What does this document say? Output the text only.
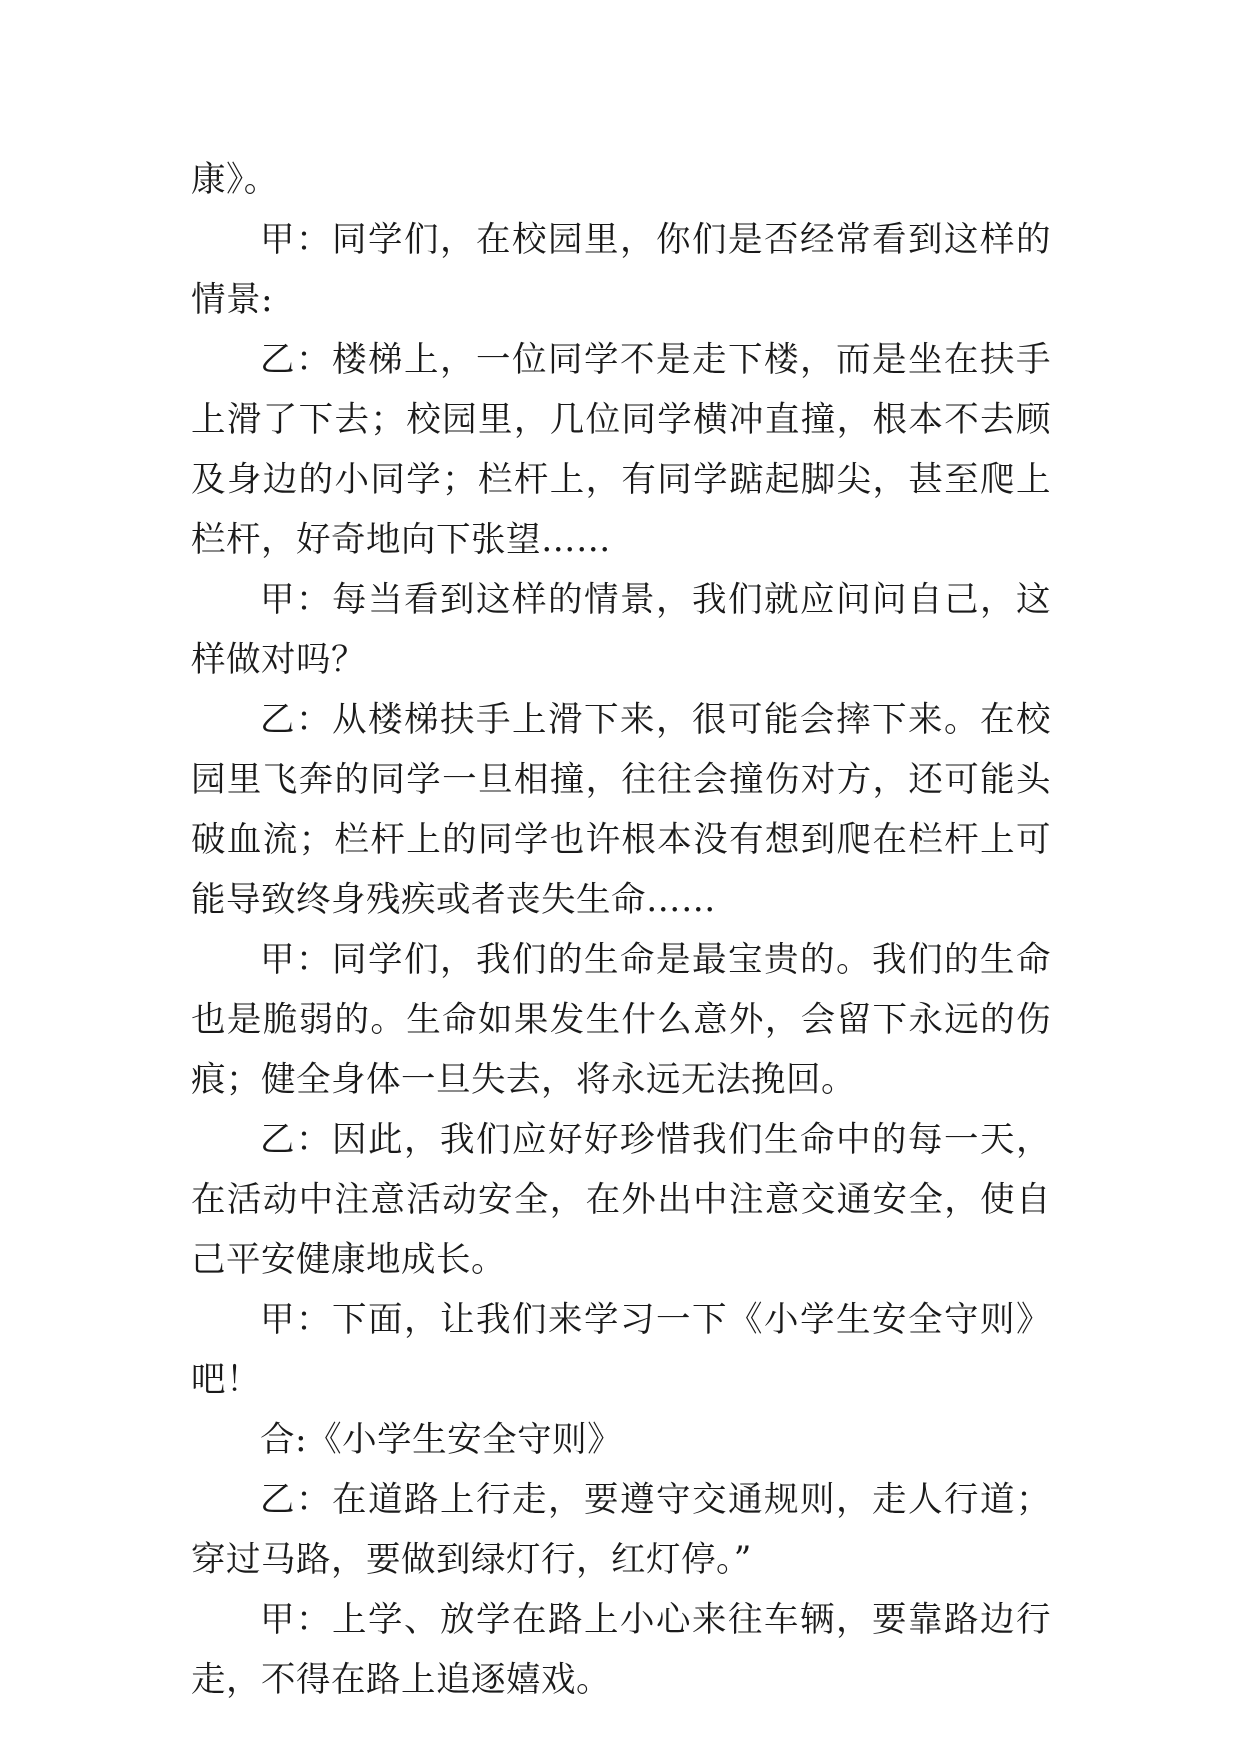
康》。

甲：同学们，在校园里，你们是否经常看到这样的情景:

乙：楼梯上，一位同学不是走下楼，而是坐在扶手上滑了下去；校园里，几位同学横冲直撞，根本不去顾及身边的小同学；栏杆上，有同学踮起脚尖，甚至爬上栏杆，好奇地向下张望……

甲：每当看到这样的情景，我们就应问问自己，这样做对吗？

乙：从楼梯扶手上滑下来，很可能会摔下来。在校园里飞奔的同学一旦相撞，往往会撞伤对方，还可能头破血流；栏杆上的同学也许根本没有想到爬在栏杆上可能导致终身残疾或者丧失生命……

甲：同学们，我们的生命是最宝贵的。我们的生命也是脆弱的。生命如果发生什么意外，会留下永远的伤痕；健全身体一旦失去，将永远无法挽回。

乙：因此，我们应好好珍惜我们生命中的每一天，在活动中注意活动安全，在外出中注意交通安全，使自己平安健康地成长。

甲：下面，让我们来学习一下《小学生安全守则》吧！

合:《小学生安全守则》

乙：在道路上行走，要遵守交通规则，走人行道；穿过马路，要做到绿灯行，红灯停。”

甲：上学、放学在路上小心来往车辆，要靠路边行走，不得在路上追逐嬉戏。
